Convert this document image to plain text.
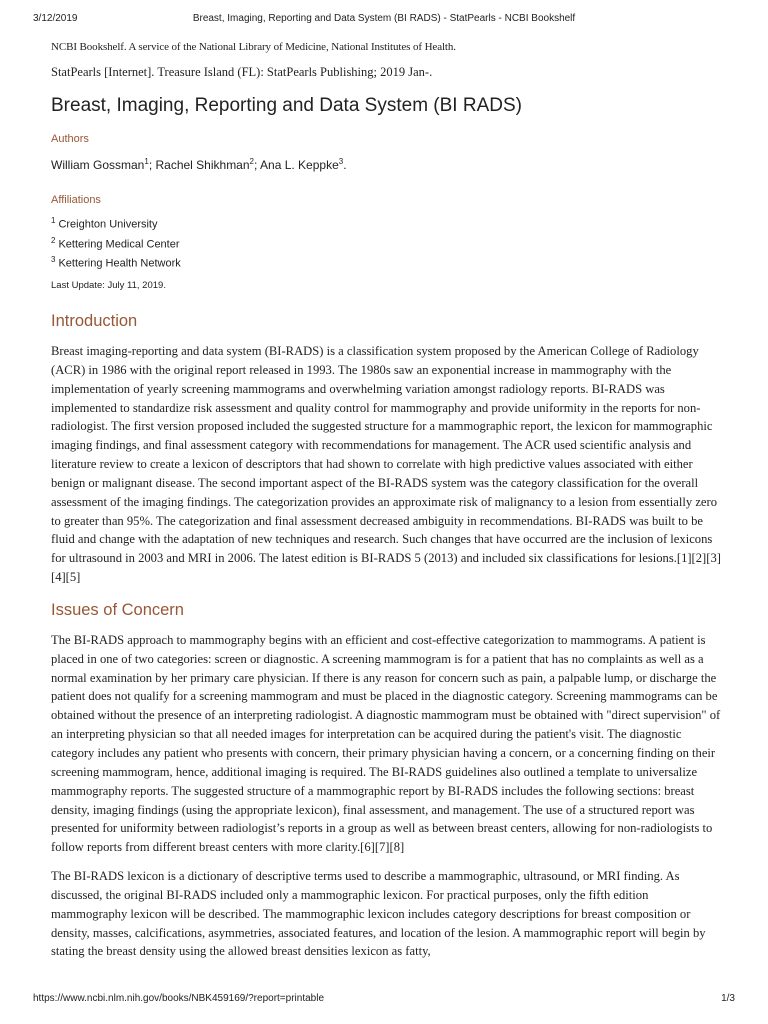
3/12/2019	Breast, Imaging, Reporting and Data System (BI RADS) - StatPearls - NCBI Bookshelf

NCBI Bookshelf. A service of the National Library of Medicine, National Institutes of Health.

StatPearls [Internet]. Treasure Island (FL): StatPearls Publishing; 2019 Jan-.

Breast, Imaging, Reporting and Data System (BI RADS)

Authors

William Gossman$^1$; Rachel Shikhman$^2$; Ana L. Keppke$^3$.

Affiliations

$^1$ Creighton University
$^2$ Kettering Medical Center
$^3$ Kettering Health Network

Last Update: July 11, 2019.

Introduction

Breast imaging-reporting and data system (BI-RADS) is a classification system proposed by the American College of Radiology (ACR) in 1986 with the original report released in 1993. The 1980s saw an exponential increase in mammography with the implementation of yearly screening mammograms and overwhelming variation amongst radiology reports. BI-RADS was implemented to standardize risk assessment and quality control for mammography and provide uniformity in the reports for non-radiologist. The first version proposed included the suggested structure for a mammographic report, the lexicon for mammographic imaging findings, and final assessment category with recommendations for management. The ACR used scientific analysis and literature review to create a lexicon of descriptors that had shown to correlate with high predictive values associated with either benign or malignant disease. The second important aspect of the BI-RADS system was the category classification for the overall assessment of the imaging findings. The categorization provides an approximate risk of malignancy to a lesion from essentially zero to greater than 95%. The categorization and final assessment decreased ambiguity in recommendations. BI-RADS was built to be fluid and change with the adaptation of new techniques and research. Such changes that have occurred are the inclusion of lexicons for ultrasound in 2003 and MRI in 2006. The latest edition is BI-RADS 5 (2013) and included six classifications for lesions.[1][2][3][4][5]

Issues of Concern

The BI-RADS approach to mammography begins with an efficient and cost-effective categorization to mammograms. A patient is placed in one of two categories: screen or diagnostic. A screening mammogram is for a patient that has no complaints as well as a normal examination by her primary care physician. If there is any reason for concern such as pain, a palpable lump, or discharge the patient does not qualify for a screening mammogram and must be placed in the diagnostic category. Screening mammograms can be obtained without the presence of an interpreting radiologist. A diagnostic mammogram must be obtained with "direct supervision" of an interpreting physician so that all needed images for interpretation can be acquired during the patient's visit. The diagnostic category includes any patient who presents with concern, their primary physician having a concern, or a concerning finding on their screening mammogram, hence, additional imaging is required. The BI-RADS guidelines also outlined a template to universalize mammography reports. The suggested structure of a mammographic report by BI-RADS includes the following sections: breast density, imaging findings (using the appropriate lexicon), final assessment, and management. The use of a structured report was presented for uniformity between radiologist’s reports in a group as well as between breast centers, allowing for non-radiologists to follow reports from different breast centers with more clarity.[6][7][8]

The BI-RADS lexicon is a dictionary of descriptive terms used to describe a mammographic, ultrasound, or MRI finding. As discussed, the original BI-RADS included only a mammographic lexicon. For practical purposes, only the fifth edition mammography lexicon will be described. The mammographic lexicon includes category descriptions for breast composition or density, masses, calcifications, asymmetries, associated features, and location of the lesion. A mammographic report will begin by stating the breast density using the allowed breast densities lexicon as fatty,

https://www.ncbi.nlm.nih.gov/books/NBK459169/?report=printable	1/3
